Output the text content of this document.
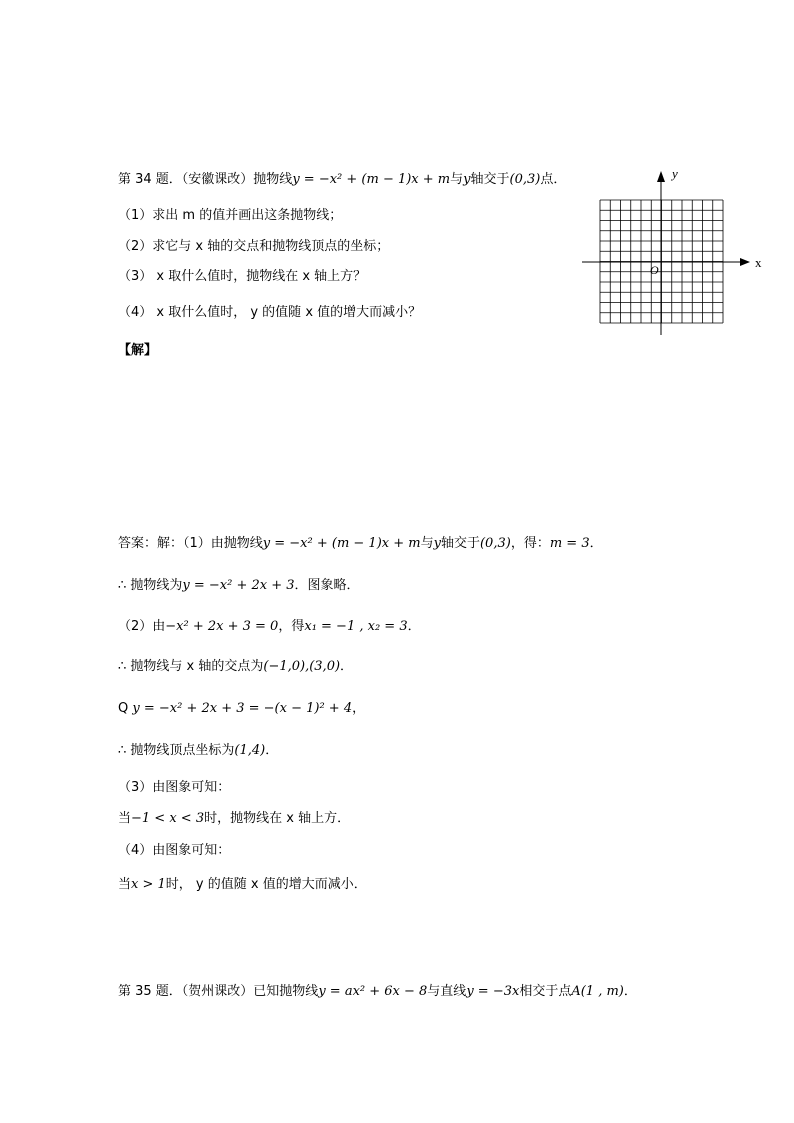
第 34 题．（安徽课改）抛物线y = −x² + (m − 1)x + m与y轴交于(0,3)点．
（1）求出 m 的值并画出这条抛物线；
（2）求它与 x 轴的交点和抛物线顶点的坐标；
（3） x 取什么值时，抛物线在 x 轴上方？
（4） x 取什么值时， y 的值随 x 值的增大而减小？
【解】
y
x
O
答案：解：（1）由抛物线y = −x² + (m − 1)x + m与y轴交于(0,3)，得：m = 3．
∴ 抛物线为y = −x² + 2x + 3．图象略．
（2）由−x² + 2x + 3 = 0，得x₁ = −1 , x₂ = 3．
∴ 抛物线与 x 轴的交点为(−1,0),(3,0)．
Q y = −x² + 2x + 3 = −(x − 1)² + 4，
∴ 抛物线顶点坐标为(1,4)．
（3）由图象可知：
当−1 < x < 3时，抛物线在 x 轴上方．
（4）由图象可知：
当x > 1时， y 的值随 x 值的增大而减小．
第 35 题．（贺州课改）已知抛物线y = ax² + 6x − 8与直线y = −3x相交于点A(1 , m)．
